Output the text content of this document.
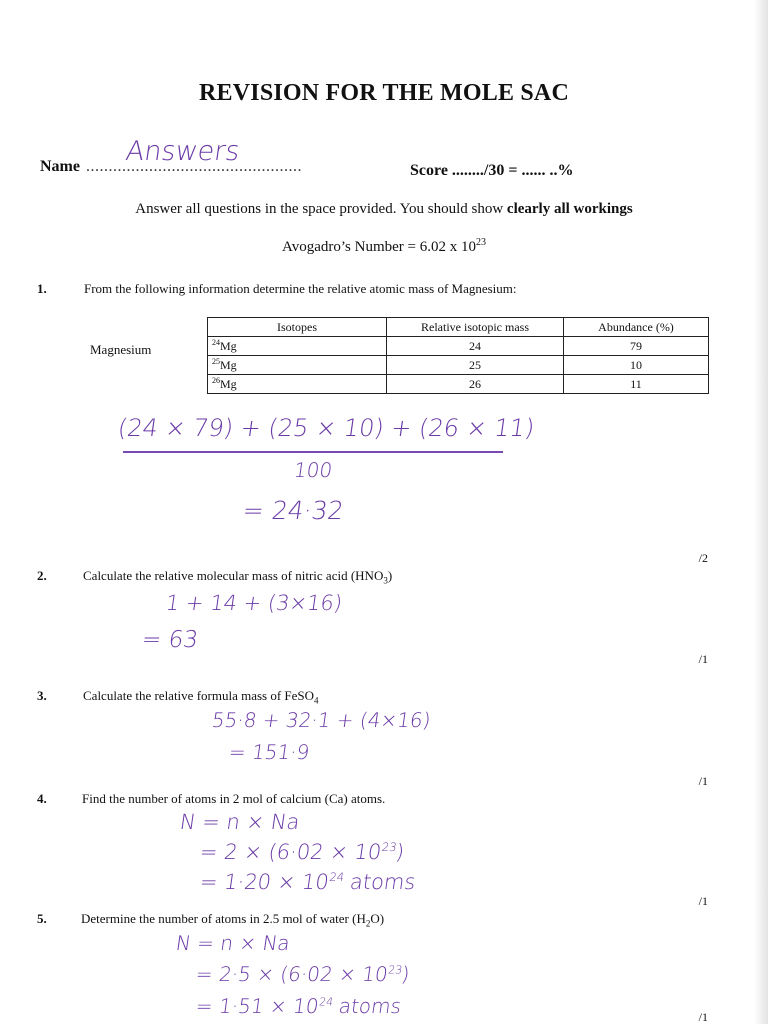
REVISION FOR THE MOLE SAC
Name ................................................
Answers
Score ......../30 = ...... ..%
Answer all questions in the space provided. You should show clearly all workings
Avogadro’s Number = 6.02 x $10^{23}$
1.	From the following information determine the relative atomic mass of Magnesium:
Magnesium
Isotopes	Relative isotopic mass	Abundance (%)
$^{24}$Mg	24	79
$^{25}$Mg	25	10
$^{26}$Mg	26	11
(24 × 79) + (25 × 10) + (26 × 11)
100
= 24·32
/2
2.	Calculate the relative molecular mass of nitric acid $(HNO_3)$
1 + 14 + (3×16)
= 63
/1
3.	Calculate the relative formula mass of FeSO$_4$
55·8 + 32·1 + (4×16)
= 151·9
/1
4.	Find the number of atoms in 2 mol of calcium (Ca) atoms.
N = n × Na
= $2 \times (6\cdot 02 \times 10^{23})$
= $1\cdot 20 \times 10^{24}$ atoms
/1
5.	Determine the number of atoms in 2.5 mol of water $(H_2O)$
N = n × Na
= $2\cdot 5 \times (6\cdot 02 \times 10^{23})$
= $1\cdot 51 \times 10^{24}$ atoms	/1
